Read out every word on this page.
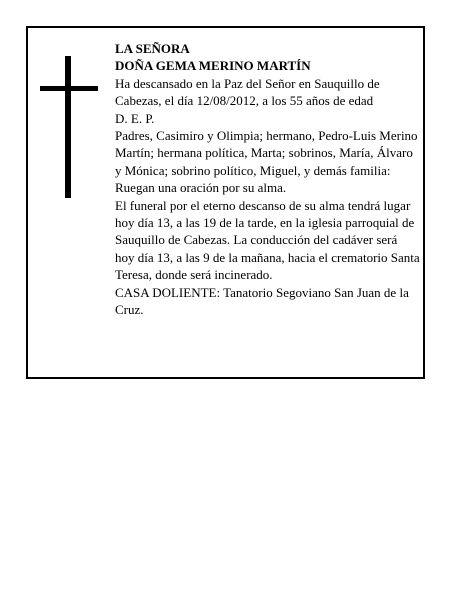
LA SEÑORA

DOÑA GEMA MERINO MARTÍN

Ha descansado en la Paz del Señor en Sauquillo de Cabezas, el día 12/08/2012, a los 55 años de edad

D. E. P.

Padres, Casimiro y Olimpia; hermano, Pedro-Luis Merino Martín; hermana política, Marta; sobrinos, María, Álvaro y Mónica; sobrino político, Miguel, y demás familia:

Ruegan una oración por su alma.

El funeral por el eterno descanso de su alma tendrá lugar hoy día 13, a las 19 de la tarde, en la iglesia parroquial de Sauquillo de Cabezas. La conducción del cadáver será hoy día 13, a las 9 de la mañana, hacia el crematorio Santa Teresa, donde será incinerado.

CASA DOLIENTE: Tanatorio Segoviano San Juan de la Cruz.
